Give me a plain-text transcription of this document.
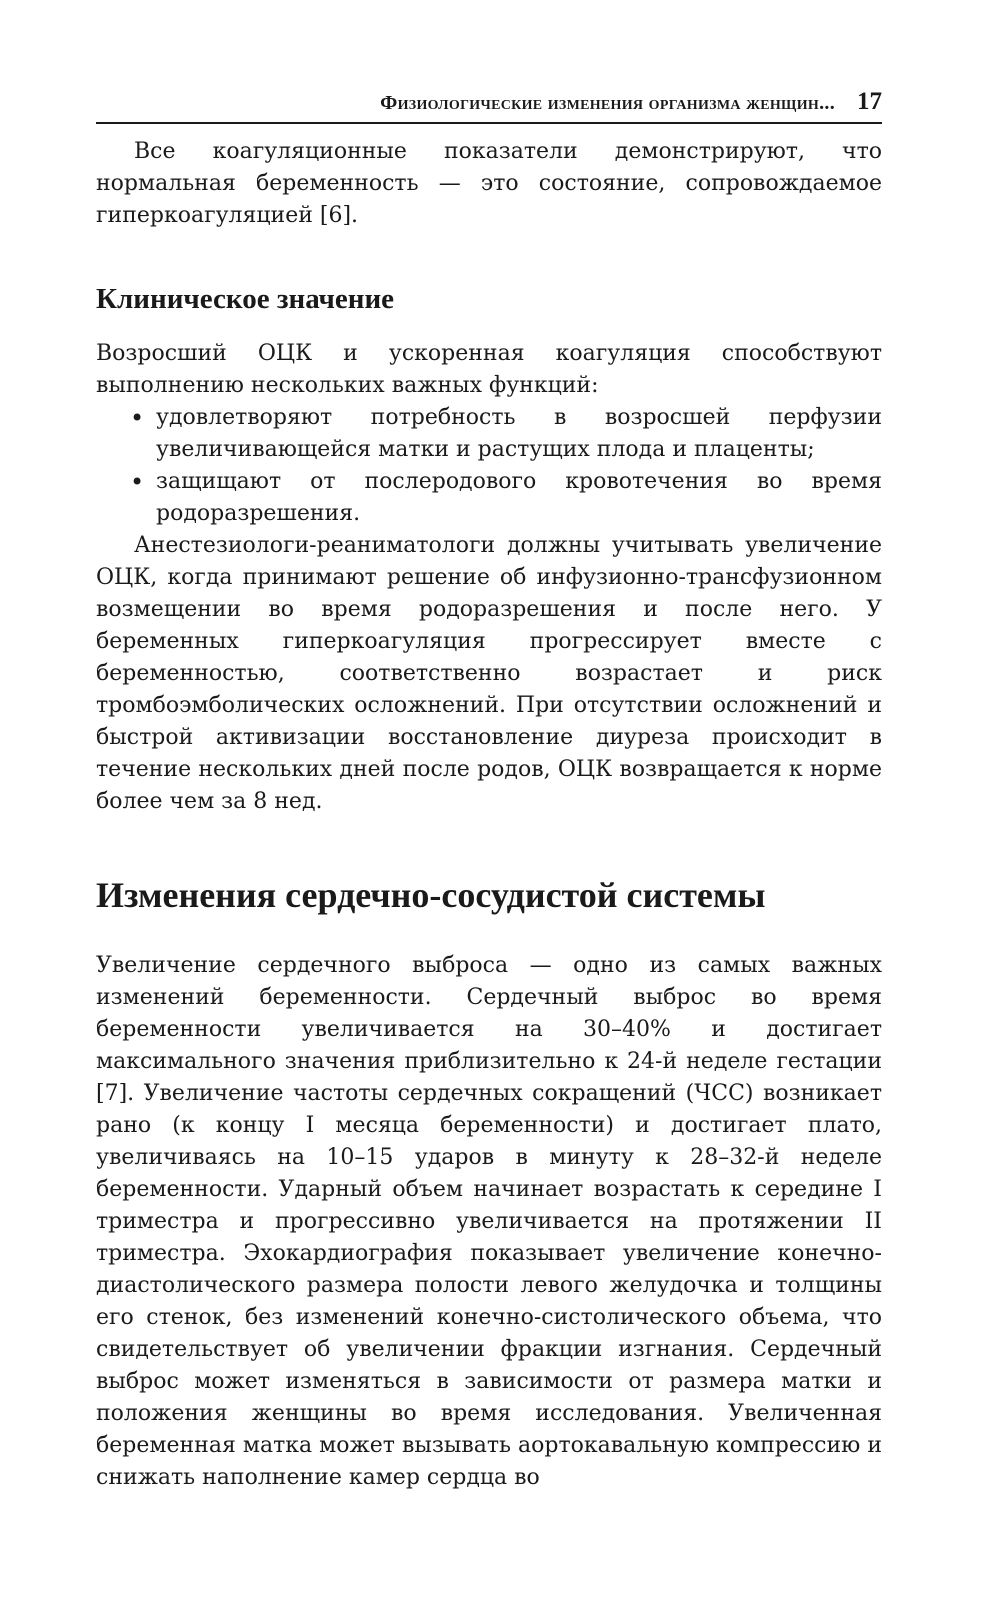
Физиологические изменения организма женщин... 17

Все коагуляционные показатели демонстрируют, что нормальная беременность — это состояние, сопровождаемое гиперкоагуляцией [6].

Клиническое значение

Возросший ОЦК и ускоренная коагуляция способствуют выполнению нескольких важных функций:

• удовлетворяют потребность в возросшей перфузии увеличивающейся матки и растущих плода и плаценты;
• защищают от послеродового кровотечения во время родоразрешения.

Анестезиологи-реаниматологи должны учитывать увеличение ОЦК, когда принимают решение об инфузионно-трансфузионном возмещении во время родоразрешения и после него. У беременных гиперкоагуляция прогрессирует вместе с беременностью, соответственно возрастает и риск тромбоэмболических осложнений. При отсутствии осложнений и быстрой активизации восстановление диуреза происходит в течение нескольких дней после родов, ОЦК возвращается к норме более чем за 8 нед.

Изменения сердечно-сосудистой системы

Увеличение сердечного выброса — одно из самых важных изменений беременности. Сердечный выброс во время беременности увеличивается на 30–40% и достигает максимального значения приблизительно к 24-й неделе гестации [7]. Увеличение частоты сердечных сокращений (ЧСС) возникает рано (к концу I месяца беременности) и достигает плато, увеличиваясь на 10–15 ударов в минуту к 28–32-й неделе беременности. Ударный объем начинает возрастать к середине I триместра и прогрессивно увеличивается на протяжении II триместра. Эхокардиография показывает увеличение конечно-диастолического размера полости левого желудочка и толщины его стенок, без изменений конечно-систолического объема, что свидетельствует об увеличении фракции изгнания. Сердечный выброс может изменяться в зависимости от размера матки и положения женщины во время исследования. Увеличенная беременная матка может вызывать аортокавальную компрессию и снижать наполнение камер сердца во
